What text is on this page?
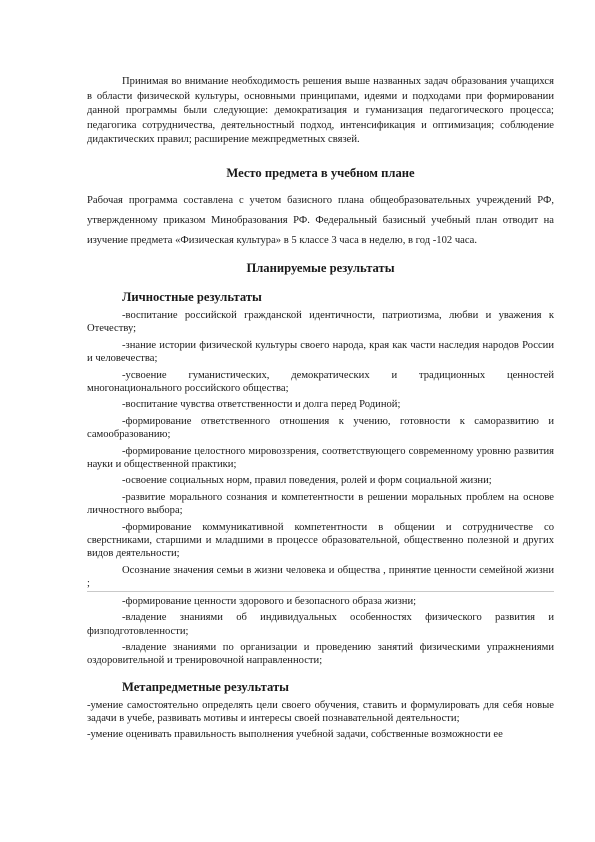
Принимая во внимание необходимость решения выше названных задач образования учащихся в области физической культуры, основными принципами, идеями и подходами при формировании данной программы были следующие: демократизация и гуманизация педагогического процесса; педагогика сотрудничества, деятельностный подход, интенсификация и оптимизация; соблюдение дидактических правил; расширение межпредметных связей.

Место предмета в учебном плане

Рабочая программа составлена с учетом базисного плана общеобразовательных учреждений РФ, утвержденному приказом Минобразования РФ. Федеральный базисный учебный план отводит на изучение предмета «Физическая культура» в 5 классе 3 часа в неделю, в год -102 часа.

Планируемые результаты
Личностные результаты

-воспитание российской гражданской идентичности, патриотизма, любви и уважения к Отечеству;

-знание истории физической культуры своего народа, края как части наследия народов России и человечества;

-усвоение гуманистических, демократических и традиционных ценностей многонационального российского общества;

-воспитание чувства ответственности и долга перед Родиной;

-формирование ответственного отношения к учению, готовности к саморазвитию и самообразованию;

-формирование целостного мировоззрения, соответствующего современному уровню развития науки и общественной практики;

-освоение социальных норм, правил поведения, ролей и форм социальной жизни;

-развитие морального сознания и компетентности в решении моральных проблем на основе личностного выбора;

-формирование коммуникативной компетентности в общении и сотрудничестве со сверстниками, старшими и младшими в процессе образовательной, общественно полезной и других видов деятельности;

Осознание значения семьи в жизни человека и общества , принятие ценности семейной жизни ;

-формирование ценности здорового и безопасного образа жизни;

-владение знаниями об индивидуальных особенностях физического развития и физподготовленности;

-владение знаниями по организации и проведению занятий физическими упражнениями оздоровительной и тренировочной направленности;

Метапредметные результаты

-умение самостоятельно определять цели своего обучения, ставить и формулировать для себя новые задачи в учебе, развивать мотивы и интересы своей познавательной деятельности;

-умение оценивать правильность выполнения учебной задачи, собственные возможности ее
